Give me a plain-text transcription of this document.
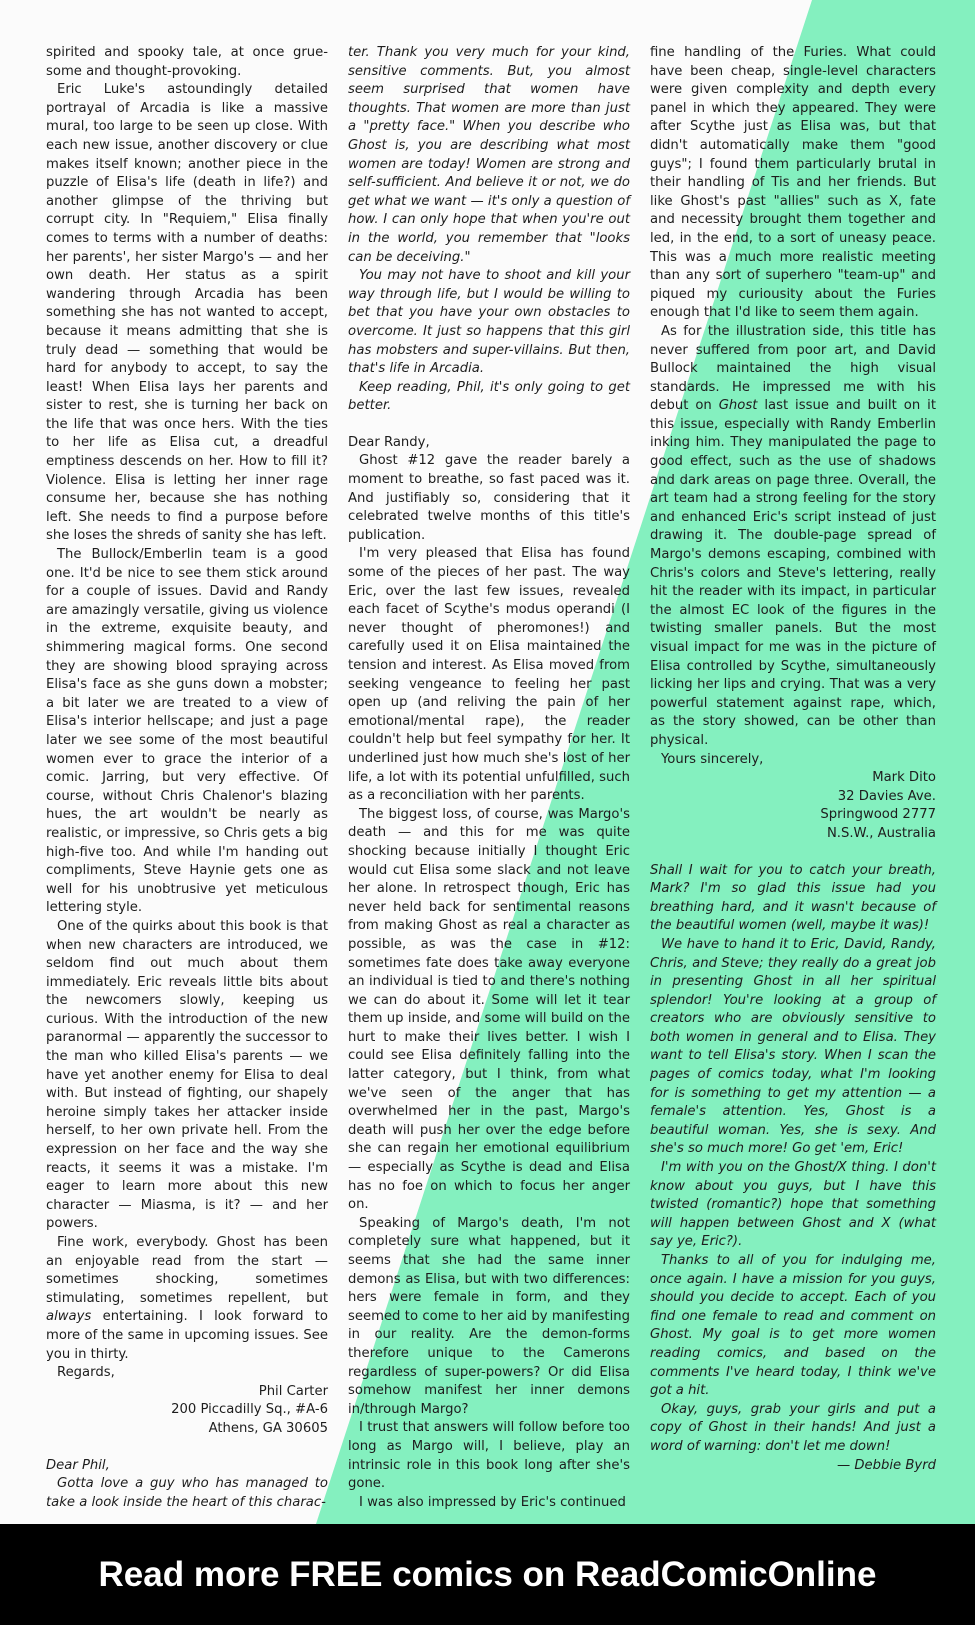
spirited and spooky tale, at once grue-some and thought-provoking.

Eric Luke's astoundingly detailed portrayal of Arcadia is like a massive mural, too large to be seen up close. With each new issue, another discovery or clue makes itself known; another piece in the puzzle of Elisa's life (death in life?) and another glimpse of the thriving but corrupt city. In "Requiem," Elisa finally comes to terms with a number of deaths: her parents', her sister Margo's — and her own death. Her status as a spirit wandering through Arcadia has been something she has not wanted to accept, because it means admitting that she is truly dead — something that would be hard for anybody to accept, to say the least! When Elisa lays her parents and sister to rest, she is turning her back on the life that was once hers. With the ties to her life as Elisa cut, a dreadful emptiness descends on her. How to fill it? Violence. Elisa is letting her inner rage consume her, because she has nothing left. She needs to find a purpose before she loses the shreds of sanity she has left.

The Bullock/Emberlin team is a good one. It'd be nice to see them stick around for a couple of issues. David and Randy are amazingly versatile, giving us violence in the extreme, exquisite beauty, and shimmering magical forms. One second they are showing blood spraying across Elisa's face as she guns down a mobster; a bit later we are treated to a view of Elisa's interior hellscape; and just a page later we see some of the most beautiful women ever to grace the interior of a comic. Jarring, but very effective. Of course, without Chris Chalenor's blazing hues, the art wouldn't be nearly as realistic, or impressive, so Chris gets a big high-five too. And while I'm handing out compliments, Steve Haynie gets one as well for his unobtrusive yet meticulous lettering style.

One of the quirks about this book is that when new characters are introduced, we seldom find out much about them immediately. Eric reveals little bits about the newcomers slowly, keeping us curious. With the introduction of the new paranormal — apparently the successor to the man who killed Elisa's parents — we have yet another enemy for Elisa to deal with. But instead of fighting, our shapely heroine simply takes her attacker inside herself, to her own private hell. From the expression on her face and the way she reacts, it seems it was a mistake. I'm eager to learn more about this new character — Miasma, is it? — and her powers.

Fine work, everybody. Ghost has been an enjoyable read from the start — sometimes shocking, sometimes stimulating, sometimes repellent, but always entertaining. I look forward to more of the same in upcoming issues. See you in thirty.

Regards,

Phil Carter

200 Piccadilly Sq., #A-6

Athens, GA 30605

Dear Phil,

Gotta love a guy who has managed to take a look inside the heart of this charac-

ter. Thank you very much for your kind, sensitive comments. But, you almost seem surprised that women have thoughts. That women are more than just a "pretty face." When you describe who Ghost is, you are describing what most women are today! Women are strong and self-sufficient. And believe it or not, we do get what we want — it's only a question of how. I can only hope that when you're out in the world, you remember that "looks can be deceiving."

You may not have to shoot and kill your way through life, but I would be willing to bet that you have your own obstacles to overcome. It just so happens that this girl has mobsters and super-villains. But then, that's life in Arcadia.

Keep reading, Phil, it's only going to get better.

Dear Randy,

Ghost #12 gave the reader barely a moment to breathe, so fast paced was it. And justifiably so, considering that it celebrated twelve months of this title's publication.

I'm very pleased that Elisa has found some of the pieces of her past. The way Eric, over the last few issues, revealed each facet of Scythe's modus operandi (I never thought of pheromones!) and carefully used it on Elisa maintained the tension and interest. As Elisa moved from seeking vengeance to feeling her past open up (and reliving the pain of her emotional/mental rape), the reader couldn't help but feel sympathy for her. It underlined just how much she's lost of her life, a lot with its potential unfulfilled, such as a reconciliation with her parents.

The biggest loss, of course, was Margo's death — and this for me was quite shocking because initially I thought Eric would cut Elisa some slack and not leave her alone. In retrospect though, Eric has never held back for sentimental reasons from making Ghost as real a character as possible, as was the case in #12: sometimes fate does take away everyone an individual is tied to and there's nothing we can do about it. Some will let it tear them up inside, and some will build on the hurt to make their lives better. I wish I could see Elisa definitely falling into the latter category, but I think, from what we've seen of the anger that has overwhelmed her in the past, Margo's death will push her over the edge before she can regain her emotional equilibrium — especially as Scythe is dead and Elisa has no foe on which to focus her anger on.

Speaking of Margo's death, I'm not completely sure what happened, but it seems that she had the same inner demons as Elisa, but with two differences: hers were female in form, and they seemed to come to her aid by manifesting in our reality. Are the demon-forms therefore unique to the Camerons regardless of super-powers? Or did Elisa somehow manifest her inner demons in/through Margo?

I trust that answers will follow before too long as Margo will, I believe, play an intrinsic role in this book long after she's gone.

I was also impressed by Eric's continued

fine handling of the Furies. What could have been cheap, single-level characters were given complexity and depth every panel in which they appeared. They were after Scythe just as Elisa was, but that didn't automatically make them "good guys"; I found them particularly brutal in their handling of Tis and her friends. But like Ghost's past "allies" such as X, fate and necessity brought them together and led, in the end, to a sort of uneasy peace. This was a much more realistic meeting than any sort of superhero "team-up" and piqued my curiousity about the Furies enough that I'd like to seem them again.

As for the illustration side, this title has never suffered from poor art, and David Bullock maintained the high visual standards. He impressed me with his debut on Ghost last issue and built on it this issue, especially with Randy Emberlin inking him. They manipulated the page to good effect, such as the use of shadows and dark areas on page three. Overall, the art team had a strong feeling for the story and enhanced Eric's script instead of just drawing it. The double-page spread of Margo's demons escaping, combined with Chris's colors and Steve's lettering, really hit the reader with its impact, in particular the almost EC look of the figures in the twisting smaller panels. But the most visual impact for me was in the picture of Elisa controlled by Scythe, simultaneously licking her lips and crying. That was a very powerful statement against rape, which, as the story showed, can be other than physical.

Yours sincerely,

Mark Dito

32 Davies Ave.

Springwood 2777

N.S.W., Australia

Shall I wait for you to catch your breath, Mark? I'm so glad this issue had you breathing hard, and it wasn't because of the beautiful women (well, maybe it was)!

We have to hand it to Eric, David, Randy, Chris, and Steve; they really do a great job in presenting Ghost in all her spiritual splendor! You're looking at a group of creators who are obviously sensitive to both women in general and to Elisa. They want to tell Elisa's story. When I scan the pages of comics today, what I'm looking for is something to get my attention — a female's attention. Yes, Ghost is a beautiful woman. Yes, she is sexy. And she's so much more! Go get 'em, Eric!

I'm with you on the Ghost/X thing. I don't know about you guys, but I have this twisted (romantic?) hope that something will happen between Ghost and X (what say ye, Eric?).

Thanks to all of you for indulging me, once again. I have a mission for you guys, should you decide to accept. Each of you find one female to read and comment on Ghost. My goal is to get more women reading comics, and based on the comments I've heard today, I think we've got a hit.

Okay, guys, grab your girls and put a copy of Ghost in their hands! And just a word of warning: don't let me down!

— Debbie Byrd

Read more FREE comics on ReadComicOnline
